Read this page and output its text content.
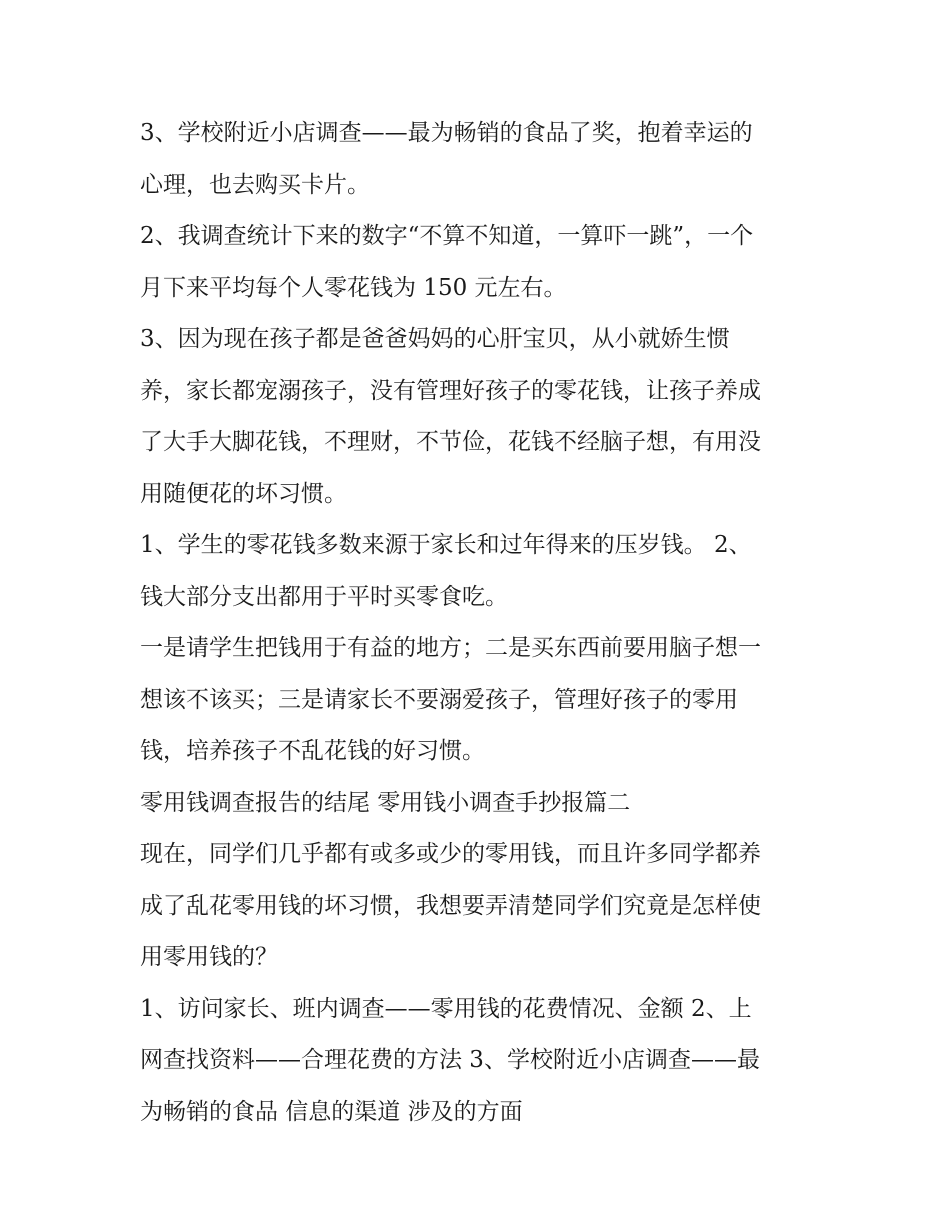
3、学校附近小店调查——最为畅销的食品了奖，抱着幸运的
心理，也去购买卡片。

2、我调查统计下来的数字“不算不知道，一算吓一跳”，一个
月下来平均每个人零花钱为 150 元左右。

3、因为现在孩子都是爸爸妈妈的心肝宝贝，从小就娇生惯
养，家长都宠溺孩子，没有管理好孩子的零花钱，让孩子养成
了大手大脚花钱，不理财，不节俭，花钱不经脑子想，有用没
用随便花的坏习惯。

1、学生的零花钱多数来源于家长和过年得来的压岁钱。 2、
钱大部分支出都用于平时买零食吃。

一是请学生把钱用于有益的地方；二是买东西前要用脑子想一
想该不该买；三是请家长不要溺爱孩子，管理好孩子的零用
钱，培养孩子不乱花钱的好习惯。

零用钱调查报告的结尾 零用钱小调查手抄报篇二

现在，同学们几乎都有或多或少的零用钱，而且许多同学都养
成了乱花零用钱的坏习惯，我想要弄清楚同学们究竟是怎样使
用零用钱的？

1、访问家长、班内调查——零用钱的花费情况、金额 2、上
网查找资料——合理花费的方法 3、学校附近小店调查——最
为畅销的食品 信息的渠道 涉及的方面
